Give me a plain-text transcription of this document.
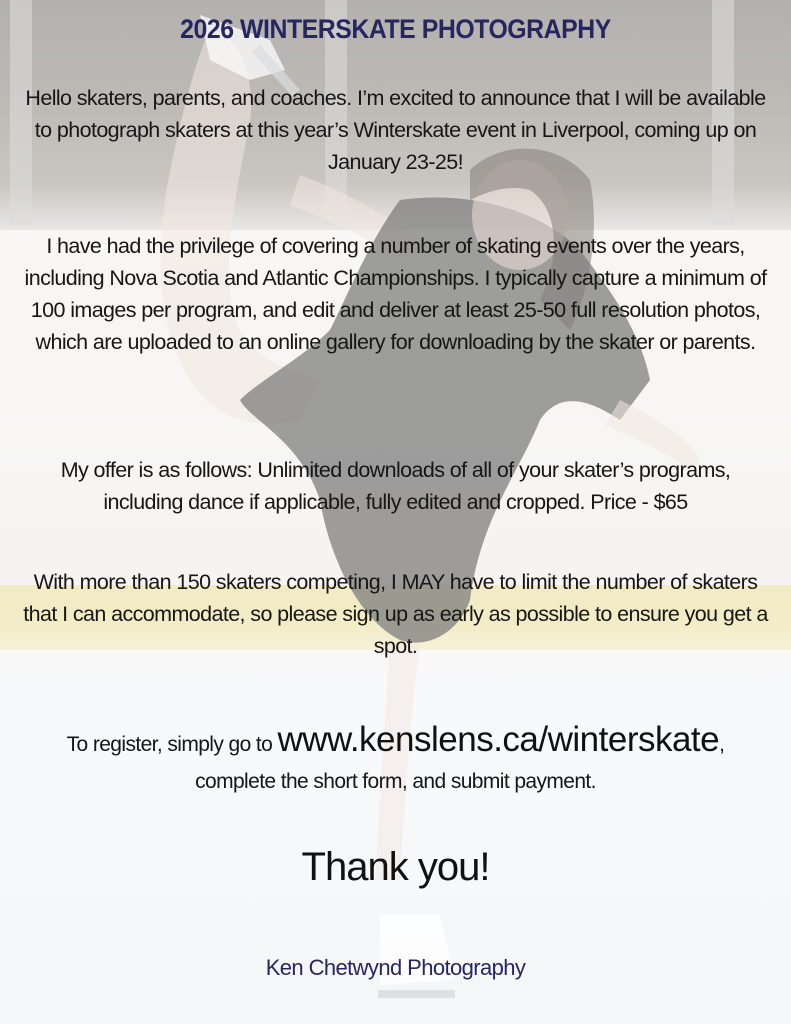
2026 WINTERSKATE PHOTOGRAPHY
Hello skaters, parents, and coaches. I’m excited to announce that I will be available to photograph skaters at this year’s Winterskate event in Liverpool, coming up on January 23-25!
I have had the privilege of covering a number of skating events over the years, including Nova Scotia and Atlantic Championships. I typically capture a minimum of 100 images per program, and edit and deliver at least 25-50 full resolution photos, which are uploaded to an online gallery for downloading by the skater or parents.
My offer is as follows: Unlimited downloads of all of your skater’s programs, including dance if applicable, fully edited and cropped. Price - $65
With more than 150 skaters competing, I MAY have to limit the number of skaters that I can accommodate, so please sign up as early as possible to ensure you get a spot.
To register, simply go to www.kenslens.ca/winterskate,
complete the short form, and submit payment.
Thank you!
Ken Chetwynd Photography
